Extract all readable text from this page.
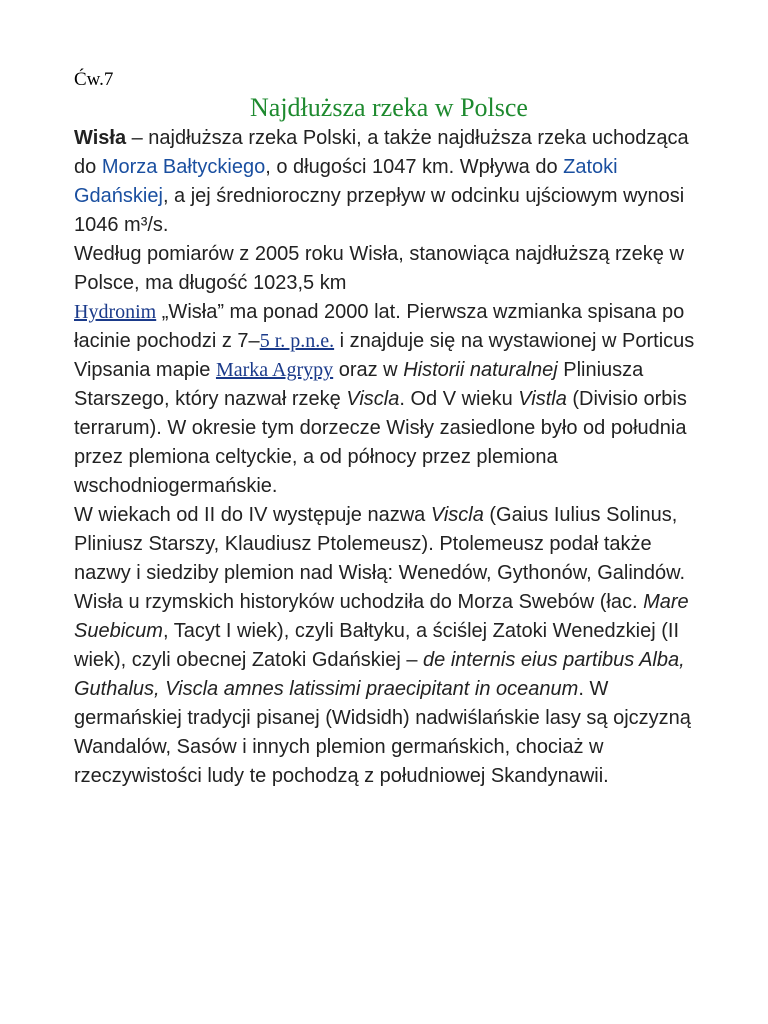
Ćw.7
Najdłuższa rzeka w Polsce

Wisła – najdłuższa rzeka Polski, a także najdłuższa rzeka uchodząca do Morza Bałtyckiego, o długości 1047 km. Wpływa do Zatoki Gdańskiej, a jej średnioroczny przepływ w odcinku ujściowym wynosi 1046 m³/s.

Według pomiarów z 2005 roku Wisła, stanowiąca najdłuższą rzekę w Polsce, ma długość 1023,5 km

Hydronim „Wisła” ma ponad 2000 lat. Pierwsza wzmianka spisana po łacinie pochodzi z 7–5 r. p.n.e. i znajduje się na wystawionej w Porticus Vipsania mapie Marka Agrypy oraz w Historii naturalnej Pliniusza Starszego, który nazwał rzekę Viscla. Od V wieku Vistla (Divisio orbis terrarum). W okresie tym dorzecze Wisły zasiedlone było od południa przez plemiona celtyckie, a od północy przez plemiona wschodniogermańskie.

W wiekach od II do IV występuje nazwa Viscla (Gaius Iulius Solinus, Pliniusz Starszy, Klaudiusz Ptolemeusz). Ptolemeusz podał także nazwy i siedziby plemion nad Wisłą: Wenedów, Gythonów, Galindów. Wisła u rzymskich historyków uchodziła do Morza Swebów (łac. Mare Suebicum, Tacyt I wiek), czyli Bałtyku, a ściślej Zatoki Wenedzkiej (II wiek), czyli obecnej Zatoki Gdańskiej – de internis eius partibus Alba, Guthalus, Viscla amnes latissimi praecipitant in oceanum. W germańskiej tradycji pisanej (Widsidh) nadwiślańskie lasy są ojczyzną Wandalów, Sasów i innych plemion germańskich, chociaż w rzeczywistości ludy te pochodzą z południowej Skandynawii.
